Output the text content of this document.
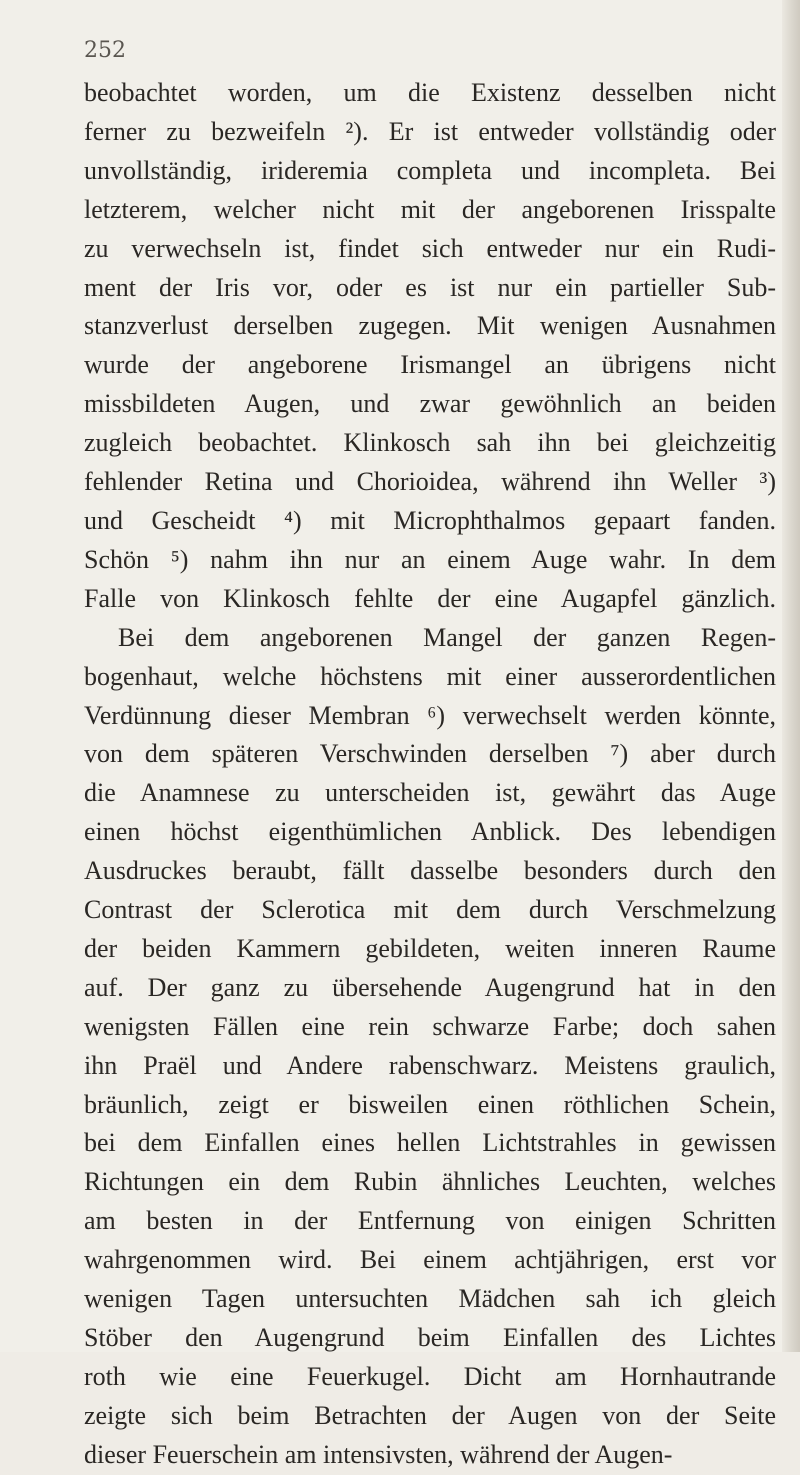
252
beobachtet worden, um die Existenz desselben nicht
ferner zu bezweifeln ²). Er ist entweder vollständig oder
unvollständig, irideremia completa und incompleta. Bei
letzterem, welcher nicht mit der angeborenen Irisspalte
zu verwechseln ist, findet sich entweder nur ein Rudi-
ment der Iris vor, oder es ist nur ein partieller Sub-
stanzverlust derselben zugegen. Mit wenigen Ausnahmen
wurde der angeborene Irismangel an übrigens nicht
missbildeten Augen, und zwar gewöhnlich an beiden
zugleich beobachtet. Klinkosch sah ihn bei gleichzeitig
fehlender Retina und Chorioidea, während ihn Weller ³)
und Gescheidt ⁴) mit Microphthalmos gepaart fanden.
Schön ⁵) nahm ihn nur an einem Auge wahr. In dem
Falle von Klinkosch fehlte der eine Augapfel gänzlich.
Bei dem angeborenen Mangel der ganzen Regen-
bogenhaut, welche höchstens mit einer ausserordentlichen
Verdünnung dieser Membran ⁶) verwechselt werden könnte,
von dem späteren Verschwinden derselben ⁷) aber durch
die Anamnese zu unterscheiden ist, gewährt das Auge
einen höchst eigenthümlichen Anblick. Des lebendigen
Ausdruckes beraubt, fällt dasselbe besonders durch den
Contrast der Sclerotica mit dem durch Verschmelzung
der beiden Kammern gebildeten, weiten inneren Raume
auf. Der ganz zu übersehende Augengrund hat in den
wenigsten Fällen eine rein schwarze Farbe; doch sahen
ihn Praël und Andere rabenschwarz. Meistens graulich,
bräunlich, zeigt er bisweilen einen röthlichen Schein,
bei dem Einfallen eines hellen Lichtstrahles in gewissen
Richtungen ein dem Rubin ähnliches Leuchten, welches
am besten in der Entfernung von einigen Schritten
wahrgenommen wird. Bei einem achtjährigen, erst vor
wenigen Tagen untersuchten Mädchen sah ich gleich
Stöber den Augengrund beim Einfallen des Lichtes
roth wie eine Feuerkugel. Dicht am Hornhautrande
zeigte sich beim Betrachten der Augen von der Seite
dieser Feuerschein am intensivsten, während der Augen-
